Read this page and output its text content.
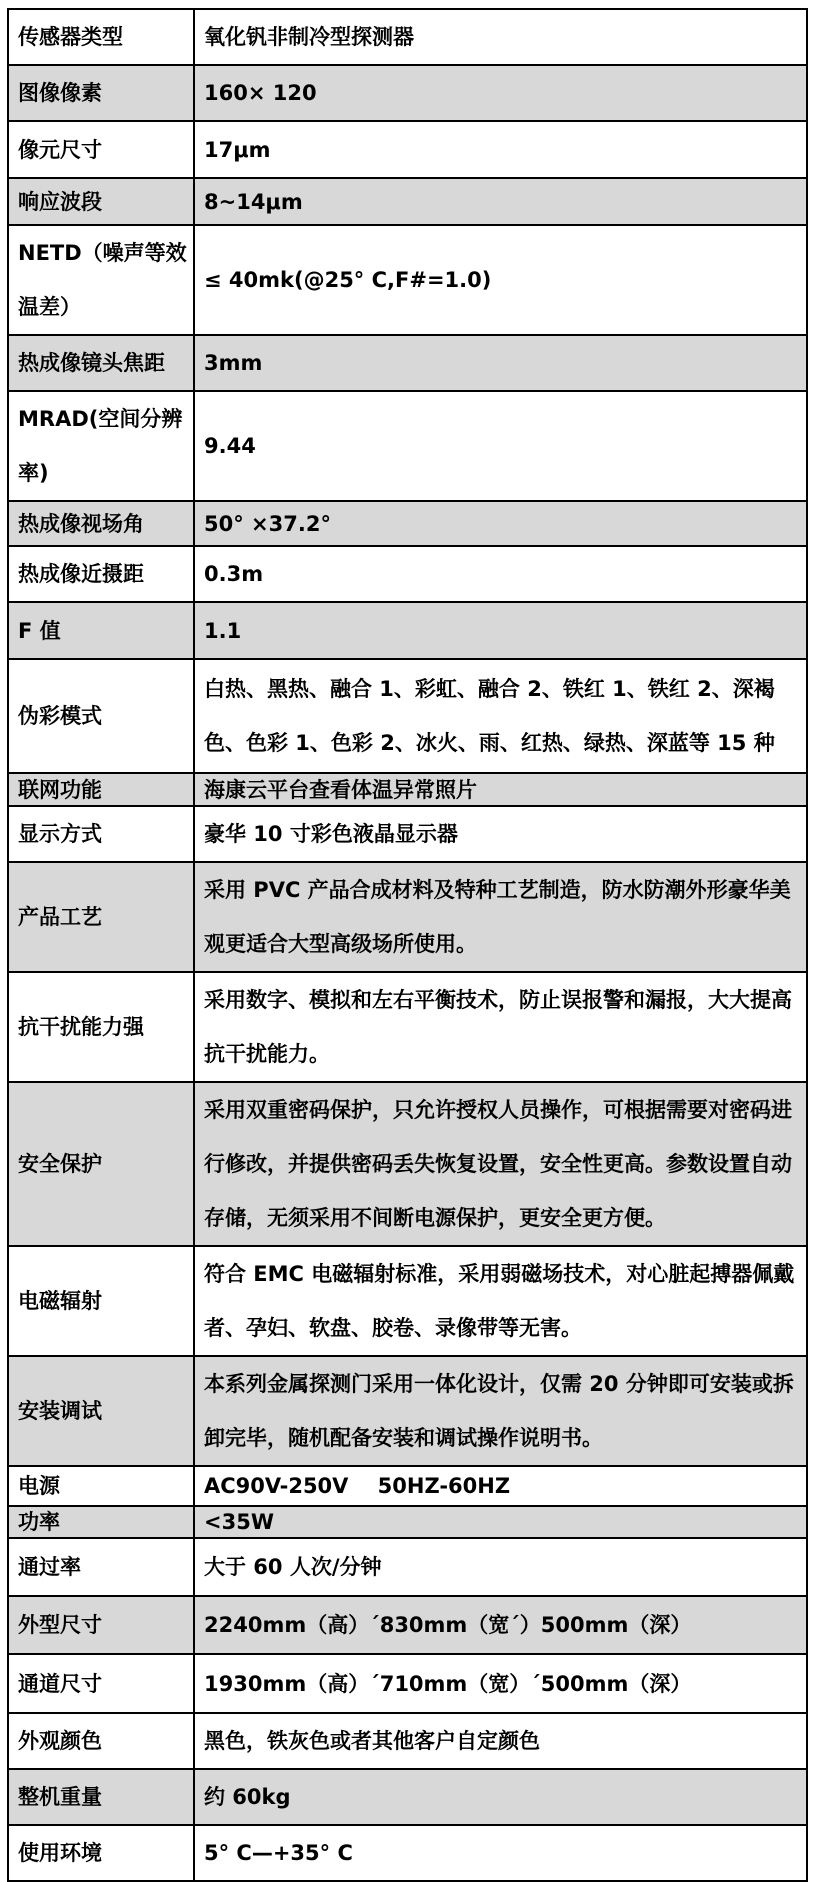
传感器类型	氧化钒非制冷型探测器
图像像素	160× 120
像元尺寸	17μm
响应波段	8~14μm
NETD（噪声等效温差）	≤ 40mk(@25° C,F#=1.0)
热成像镜头焦距	3mm
MRAD(空间分辨率)	9.44
热成像视场角	50° ×37.2°
热成像近摄距	0.3m
F 值	1.1
伪彩模式	白热、黑热、融合 1、彩虹、融合 2、铁红 1、铁红 2、深褐色、色彩 1、色彩 2、冰火、雨、红热、绿热、深蓝等 15 种
联网功能	海康云平台查看体温异常照片
显示方式	豪华 10 寸彩色液晶显示器
产品工艺	采用 PVC 产品合成材料及特种工艺制造，防水防潮外形豪华美观更适合大型高级场所使用。
抗干扰能力强	采用数字、模拟和左右平衡技术，防止误报警和漏报，大大提高抗干扰能力。
安全保护	采用双重密码保护，只允许授权人员操作，可根据需要对密码进行修改，并提供密码丢失恢复设置，安全性更高。参数设置自动存储，无须采用不间断电源保护，更安全更方便。
电磁辐射	符合 EMC 电磁辐射标准，采用弱磁场技术，对心脏起搏器佩戴者、孕妇、软盘、胶卷、录像带等无害。
安装调试	本系列金属探测门采用一体化设计，仅需 20 分钟即可安装或拆卸完毕，随机配备安装和调试操作说明书。
电源	AC90V-250V    50HZ-60HZ
功率	<35W
通过率	大于 60 人次/分钟
外型尺寸	2240mm（高）´830mm（宽´）500mm（深）
通道尺寸	1930mm（高）´710mm（宽）´500mm（深）
外观颜色	黑色，铁灰色或者其他客户自定颜色
整机重量	约 60kg
使用环境	5° C—+35° C
